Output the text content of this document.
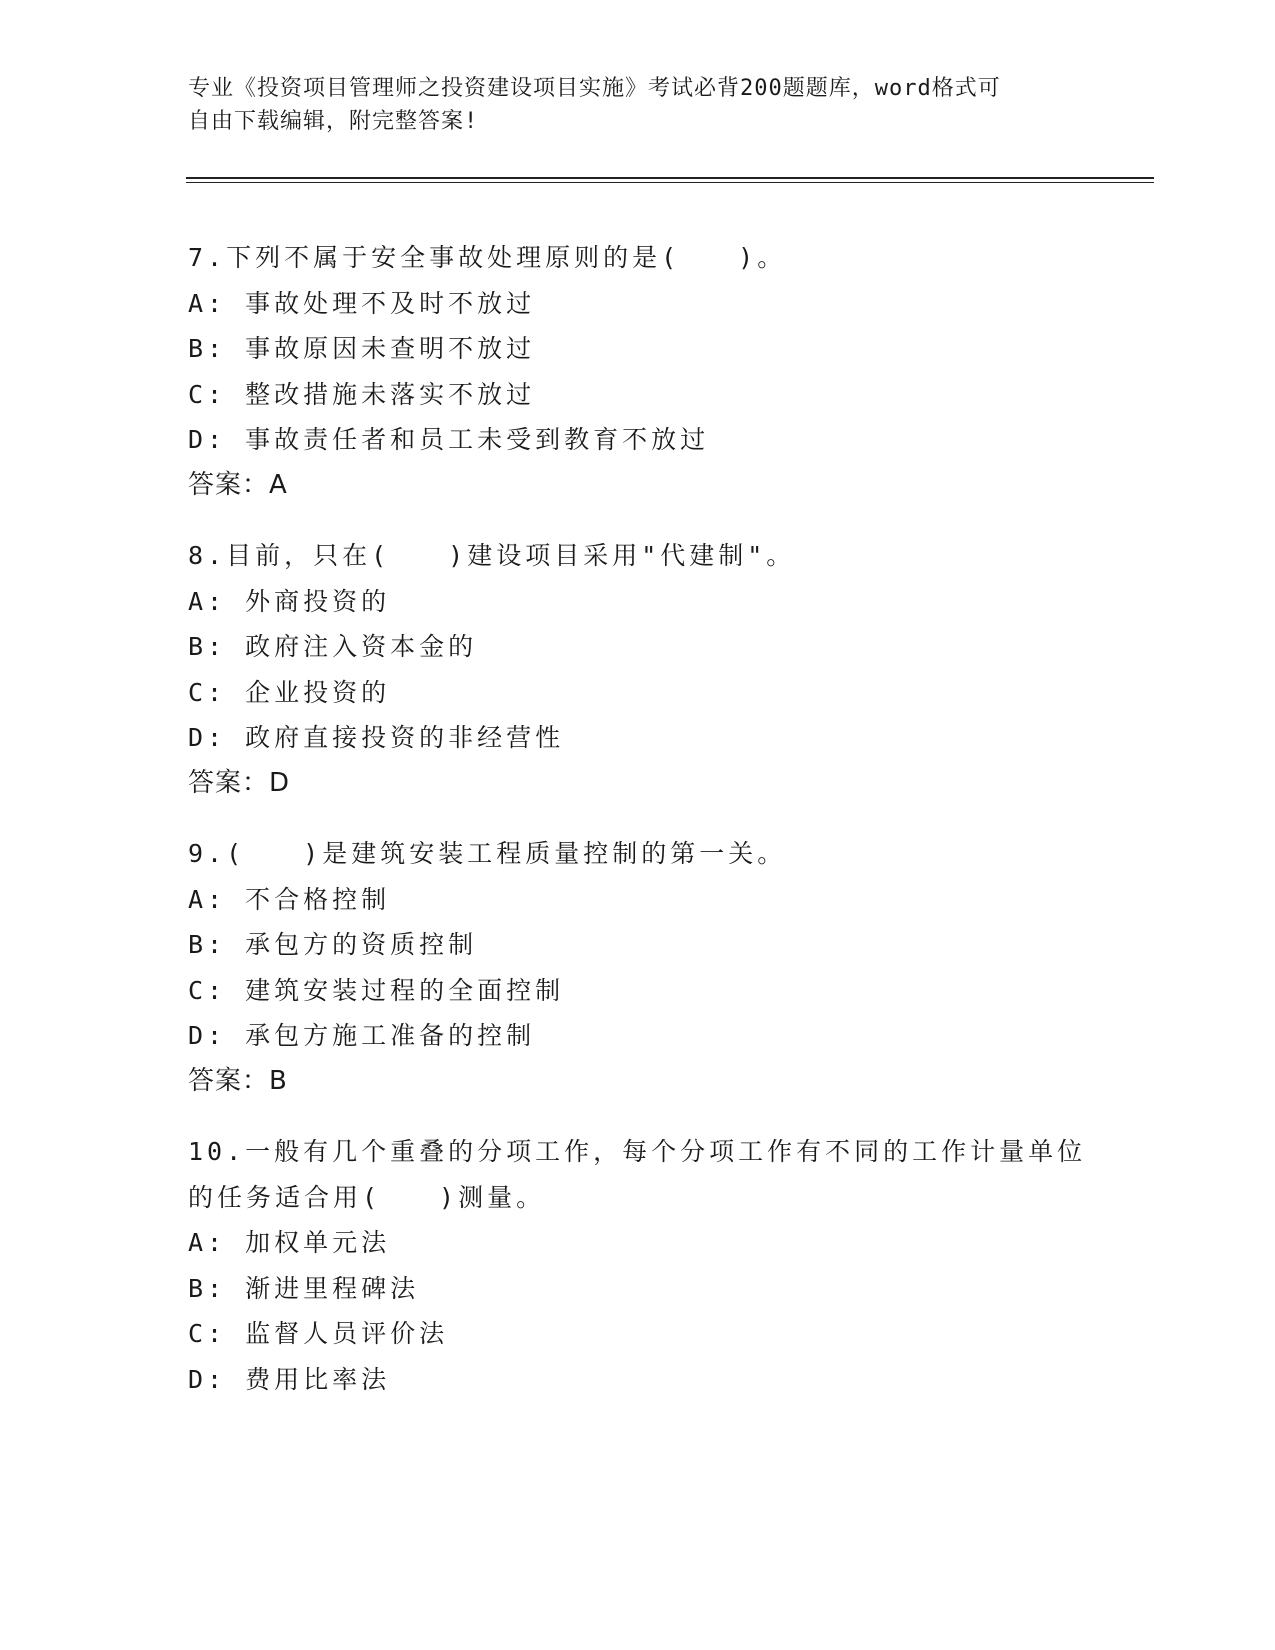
专业《投资项目管理师之投资建设项目实施》考试必背200题题库，word格式可
自由下载编辑，附完整答案!
7.下列不属于安全事故处理原则的是(　　)。
A: 事故处理不及时不放过
B: 事故原因未查明不放过
C: 整改措施未落实不放过
D: 事故责任者和员工未受到教育不放过
答案：A
8.目前，只在(　　)建设项目采用"代建制"。
A: 外商投资的
B: 政府注入资本金的
C: 企业投资的
D: 政府直接投资的非经营性
答案：D
9.(　　)是建筑安装工程质量控制的第一关。
A: 不合格控制
B: 承包方的资质控制
C: 建筑安装过程的全面控制
D: 承包方施工准备的控制
答案：B
10.一般有几个重叠的分项工作，每个分项工作有不同的工作计量单位
的任务适合用(　　)测量。
A: 加权单元法
B: 渐进里程碑法
C: 监督人员评价法
D: 费用比率法
